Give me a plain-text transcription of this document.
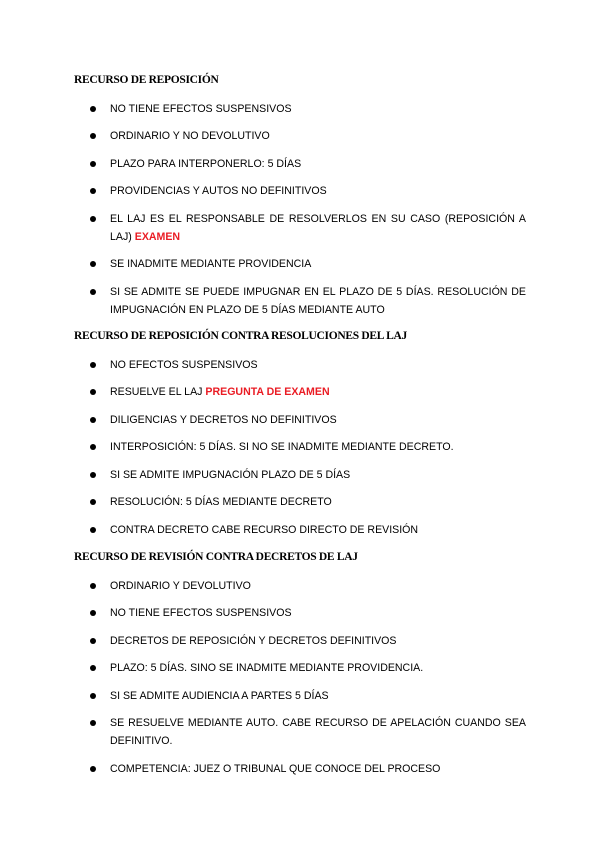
RECURSO DE REPOSICIÓN
NO TIENE EFECTOS SUSPENSIVOS
ORDINARIO Y NO DEVOLUTIVO
PLAZO PARA INTERPONERLO: 5 DÍAS
PROVIDENCIAS Y AUTOS NO DEFINITIVOS
EL LAJ ES EL RESPONSABLE DE RESOLVERLOS EN SU CASO (REPOSICIÓN A LAJ) EXAMEN
SE INADMITE MEDIANTE PROVIDENCIA
SI SE ADMITE SE PUEDE IMPUGNAR EN EL PLAZO DE 5 DÍAS. RESOLUCIÓN DE IMPUGNACIÓN EN PLAZO DE 5 DÍAS MEDIANTE AUTO
RECURSO DE REPOSICIÓN CONTRA RESOLUCIONES DEL LAJ
NO EFECTOS SUSPENSIVOS
RESUELVE EL LAJ PREGUNTA DE EXAMEN
DILIGENCIAS Y DECRETOS NO DEFINITIVOS
INTERPOSICIÓN: 5 DÍAS. SI NO SE INADMITE MEDIANTE DECRETO.
SI SE ADMITE IMPUGNACIÓN PLAZO DE 5 DÍAS
RESOLUCIÓN: 5 DÍAS MEDIANTE DECRETO
CONTRA DECRETO CABE RECURSO DIRECTO DE REVISIÓN
RECURSO DE REVISIÓN CONTRA DECRETOS DE LAJ
ORDINARIO Y DEVOLUTIVO
NO TIENE EFECTOS SUSPENSIVOS
DECRETOS DE REPOSICIÓN Y DECRETOS DEFINITIVOS
PLAZO: 5 DÍAS. SINO SE INADMITE MEDIANTE PROVIDENCIA.
SI SE ADMITE AUDIENCIA A PARTES 5 DÍAS
SE RESUELVE MEDIANTE AUTO. CABE RECURSO DE APELACIÓN CUANDO SEA DEFINITIVO.
COMPETENCIA: JUEZ O TRIBUNAL QUE CONOCE DEL PROCESO
